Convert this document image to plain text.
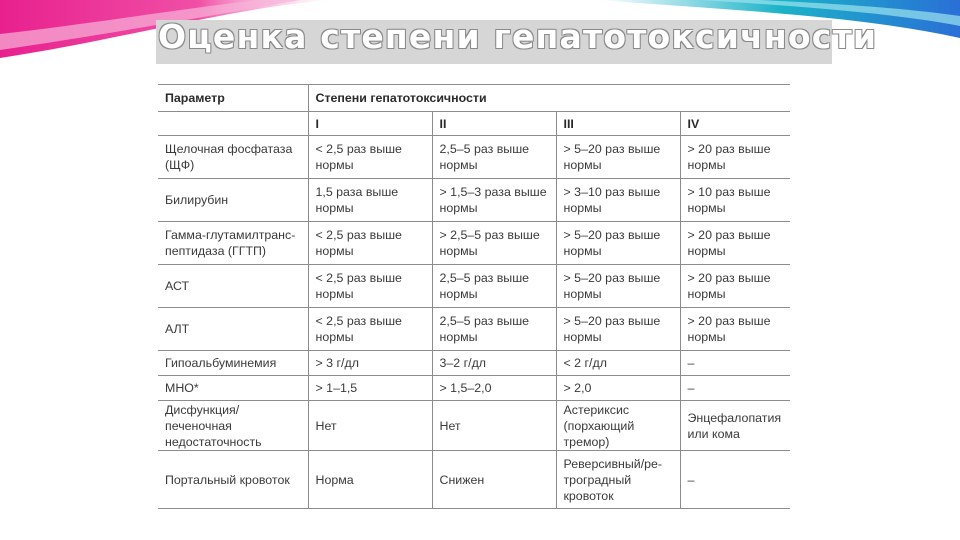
Оценка степени гепатотоксичности
Параметр	Степени гепатотоксичности			
	I	II	III	IV
Щелочная фосфатаза (ЩФ)	< 2,5 раз выше нормы	2,5–5 раз выше нормы	> 5–20 раз выше нормы	> 20 раз выше нормы
Билирубин	1,5 раза выше нормы	> 1,5–3 раза выше нормы	> 3–10 раз выше нормы	> 10 раз выше нормы
Гамма-глутамилтранс- пептидаза (ГГТП)	< 2,5 раз выше нормы	> 2,5–5 раз выше нормы	> 5–20 раз выше нормы	> 20 раз выше нормы
АСТ	< 2,5 раз выше нормы	2,5–5 раз выше нормы	> 5–20 раз выше нормы	> 20 раз выше нормы
АЛТ	< 2,5 раз выше нормы	2,5–5 раз выше нормы	> 5–20 раз выше нормы	> 20 раз выше нормы
Гипоальбуминемия	> 3 г/дл	3–2 г/дл	< 2 г/дл	–
МНО*	> 1–1,5	> 1,5–2,0	> 2,0	–
Дисфункция/ печеночная недостаточность	Нет	Нет	Астериксис (порхающий тремор)	Энцефалопатия или кома
Портальный кровоток	Норма	Снижен	Реверсивный/ре- троградный кровоток	–
